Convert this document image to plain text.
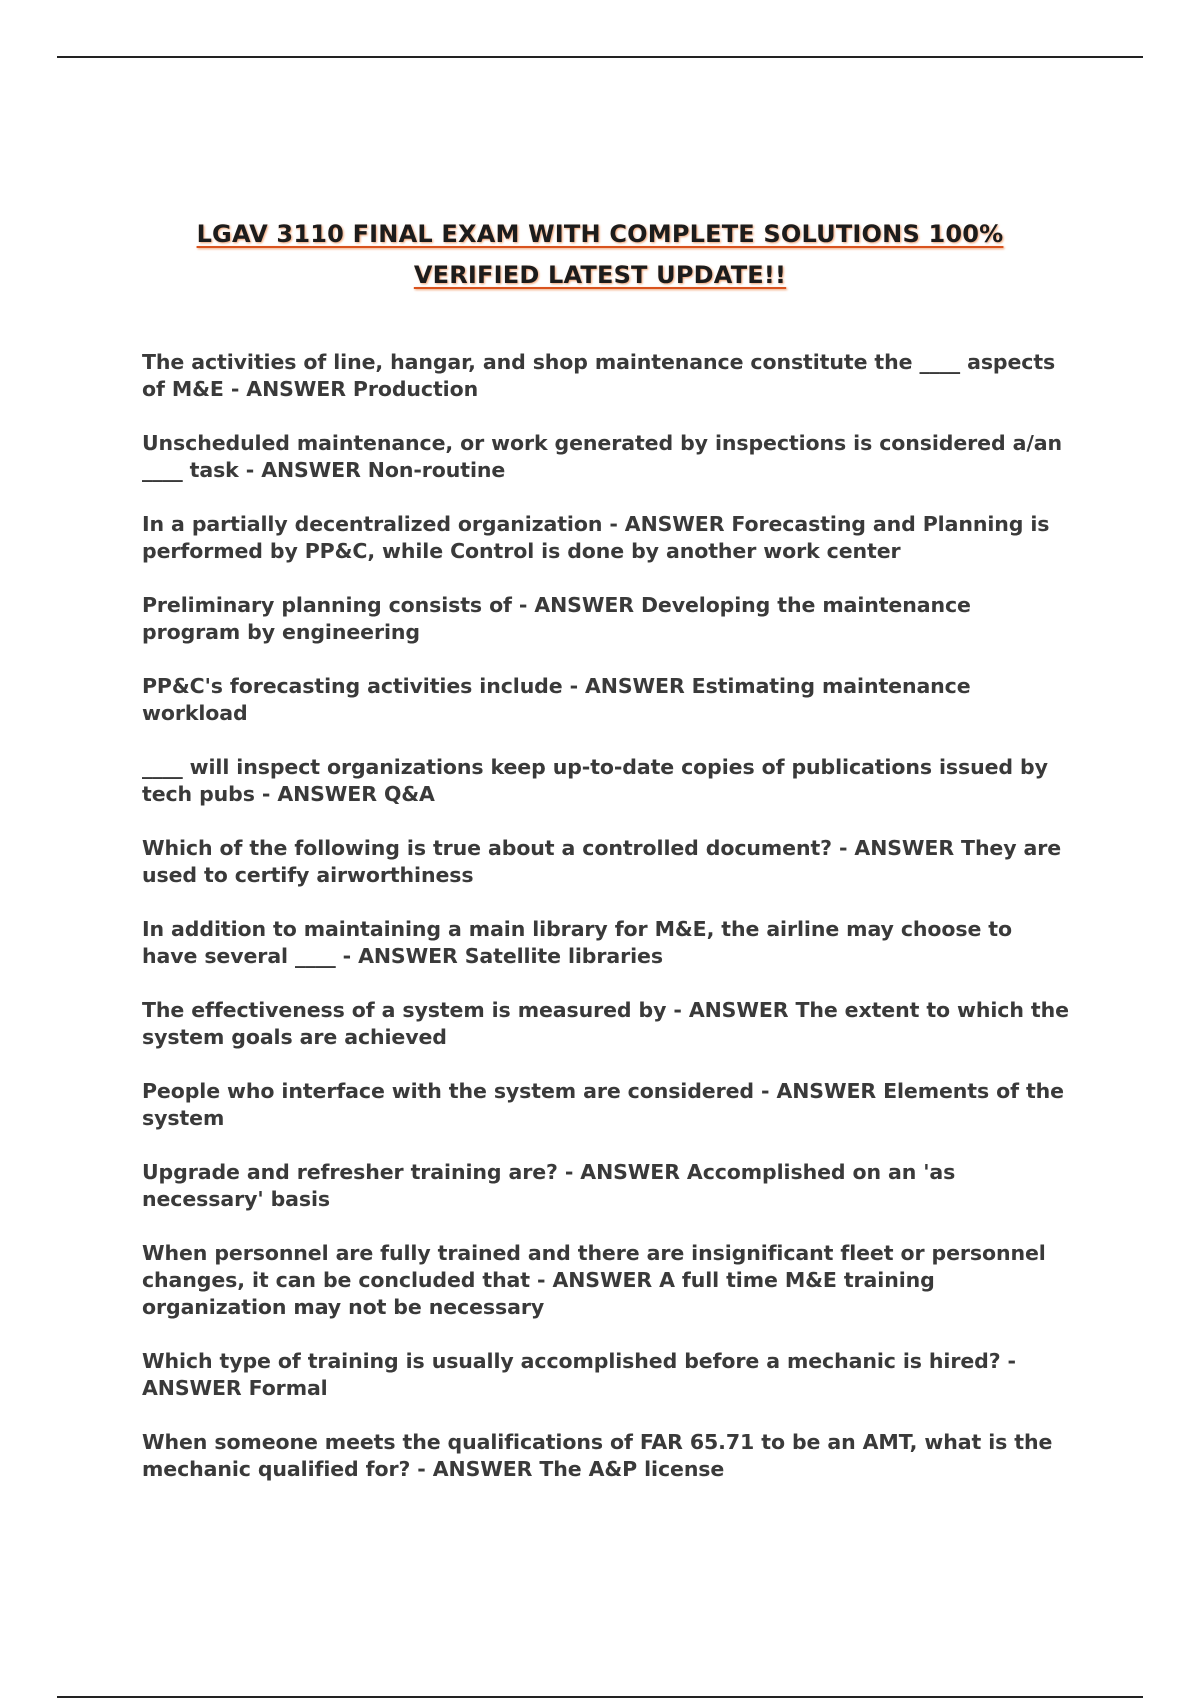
LGAV 3110 FINAL EXAM WITH COMPLETE SOLUTIONS 100%
VERIFIED LATEST UPDATE!!
The activities of line, hangar, and shop maintenance constitute the ____ aspects of M&E - ANSWER Production
Unscheduled maintenance, or work generated by inspections is considered a/an ____ task - ANSWER Non-routine
In a partially decentralized organization - ANSWER Forecasting and Planning is performed by PP&C, while Control is done by another work center
Preliminary planning consists of - ANSWER Developing the maintenance program by engineering
PP&C's forecasting activities include - ANSWER Estimating maintenance workload
____ will inspect organizations keep up-to-date copies of publications issued by tech pubs - ANSWER Q&A
Which of the following is true about a controlled document? - ANSWER They are used to certify airworthiness
In addition to maintaining a main library for M&E, the airline may choose to have several ____ - ANSWER Satellite libraries
The effectiveness of a system is measured by - ANSWER The extent to which the system goals are achieved
People who interface with the system are considered - ANSWER Elements of the system
Upgrade and refresher training are? - ANSWER Accomplished on an 'as necessary' basis
When personnel are fully trained and there are insignificant fleet or personnel changes, it can be concluded that - ANSWER A full time M&E training organization may not be necessary
Which type of training is usually accomplished before a mechanic is hired? - ANSWER Formal
When someone meets the qualifications of FAR 65.71 to be an AMT, what is the mechanic qualified for? - ANSWER The A&P license
